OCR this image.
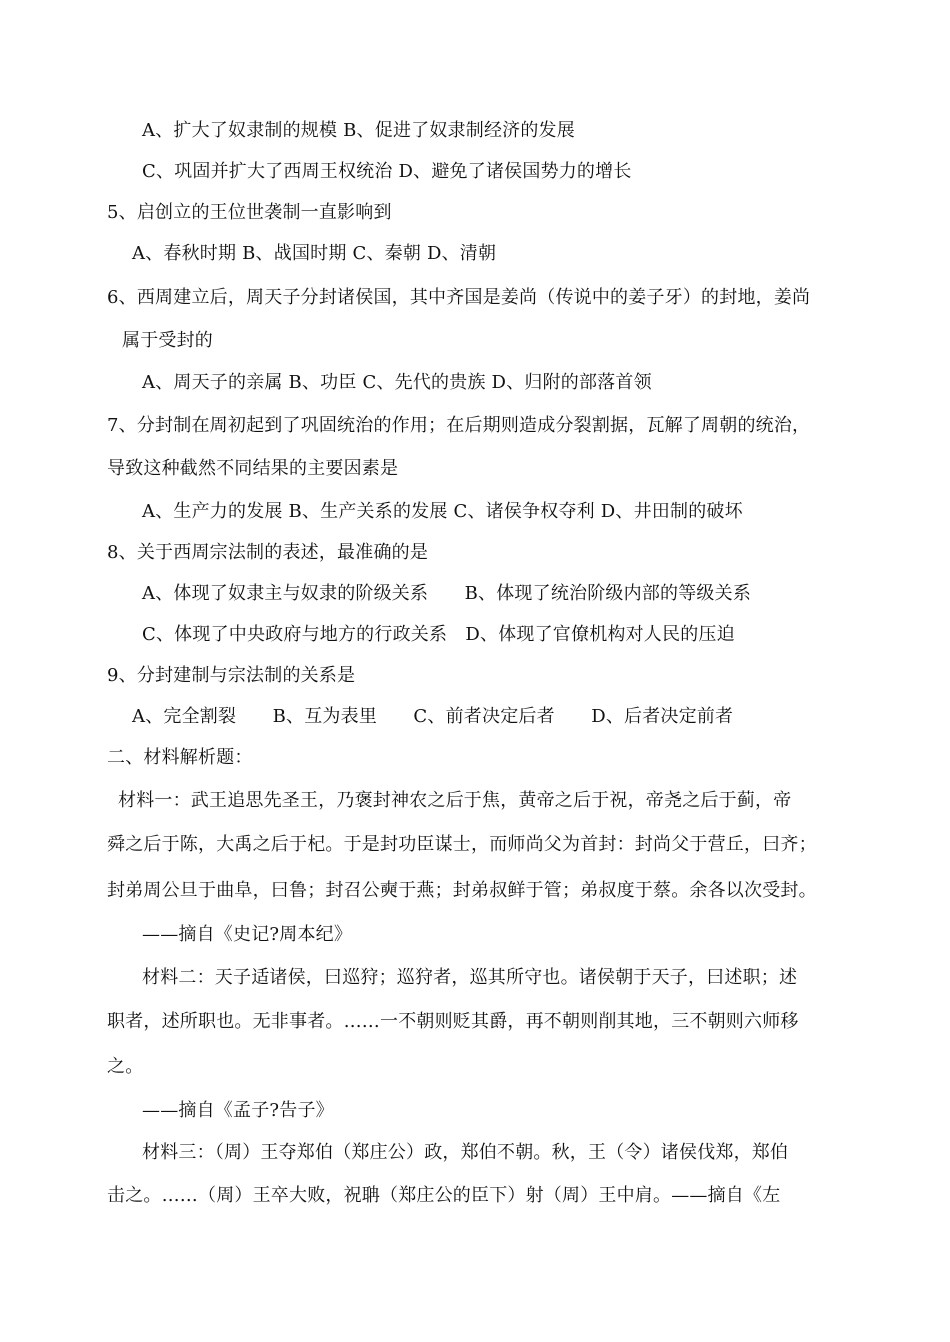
A、扩大了奴隶制的规模 B、促进了奴隶制经济的发展
C、巩固并扩大了西周王权统治 D、避免了诸侯国势力的增长
5、启创立的王位世袭制一直影响到
A、春秋时期 B、战国时期 C、秦朝 D、清朝
6、西周建立后，周天子分封诸侯国，其中齐国是姜尚（传说中的姜子牙）的封地，姜尚
属于受封的
A、周天子的亲属 B、功臣 C、先代的贵族 D、归附的部落首领
7、分封制在周初起到了巩固统治的作用；在后期则造成分裂割据，瓦解了周朝的统治，
导致这种截然不同结果的主要因素是
A、生产力的发展 B、生产关系的发展 C、诸侯争权夺利 D、井田制的破坏
8、关于西周宗法制的表述，最准确的是
A、体现了奴隶主与奴隶的阶级关系　　B、体现了统治阶级内部的等级关系
C、体现了中央政府与地方的行政关系　D、体现了官僚机构对人民的压迫
9、分封建制与宗法制的关系是
A、完全割裂　　B、互为表里　　C、前者决定后者　　D、后者决定前者
二、材料解析题：
材料一：武王追思先圣王，乃褒封神农之后于焦，黄帝之后于祝，帝尧之后于蓟，帝
舜之后于陈，大禹之后于杞。于是封功臣谋士，而师尚父为首封：封尚父于营丘，曰齐；
封弟周公旦于曲阜，曰鲁；封召公奭于燕；封弟叔鲜于管；弟叔度于蔡。余各以次受封。
——摘自《史记?周本纪》
材料二：天子适诸侯，曰巡狩；巡狩者，巡其所守也。诸侯朝于天子，曰述职；述
职者，述所职也。无非事者。……一不朝则贬其爵，再不朝则削其地，三不朝则六师移
之。
——摘自《孟子?告子》
材料三：（周）王夺郑伯（郑庄公）政，郑伯不朝。秋，王（令）诸侯伐郑，郑伯
击之。……（周）王卒大败，祝聃（郑庄公的臣下）射（周）王中肩。——摘自《左
